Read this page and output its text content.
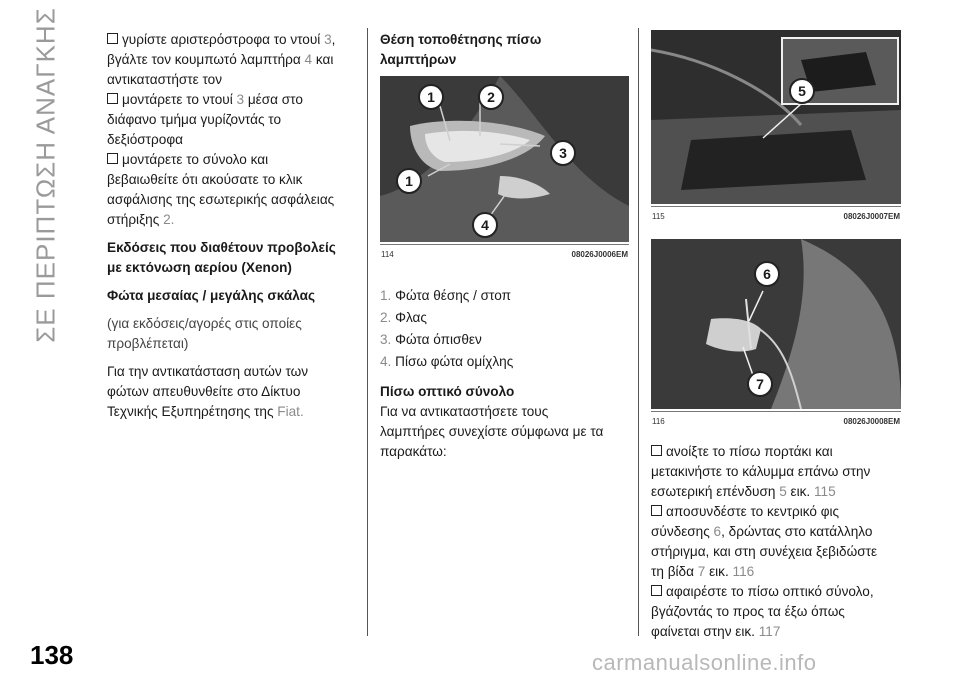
ΣΕ ΠΕΡΙΠΤΩΣΗ ΑΝΑΓΚΗΣ
138

γυρίστε αριστερόστροφα το ντουί 3,

βγάλτε τον κουμπωτό λαμπτήρα 4 και

αντικαταστήστε τον

μοντάρετε το ντουί 3 μέσα στο

διάφανο τμήμα γυρίζοντάς το

δεξιόστροφα

μοντάρετε το σύνολο και

βεβαιωθείτε ότι ακούσατε το κλικ

ασφάλισης της εσωτερικής ασφάλειας

στήριξης 2.

Εκδόσεις που διαθέτουν προβολείς

με εκτόνωση αερίου (Xenon)

Φώτα μεσαίας / μεγάλης σκάλας

(για εκδόσεις/αγορές στις οποίες

προβλέπεται)

Για την αντικατάσταση αυτών των

φώτων απευθυνθείτε στο Δίκτυο

Τεχνικής Εξυπηρέτησης της Fiat.

Θέση τοποθέτησης πίσω

λαμπτήρων

1	2
3
1
4
114	08026J0006EM

1. Φώτα θέσης / στοπ

2. Φλας

3. Φώτα όπισθεν

4. Πίσω φώτα ομίχλης

Πίσω οπτικό σύνολο

Για να αντικαταστήσετε τους

λαμπτήρες συνεχίστε σύμφωνα με τα

παρακάτω:

5
115	08026J0007EM
6
7
116	08026J0008EM

ανοίξτε το πίσω πορτάκι και

μετακινήστε το κάλυμμα επάνω στην

εσωτερική επένδυση 5 εικ. 115

αποσυνδέστε το κεντρικό φις

σύνδεσης 6, δρώντας στο κατάλληλο

στήριγμα, και στη συνέχεια ξεβιδώστε

τη βίδα 7 εικ. 116

αφαιρέστε το πίσω οπτικό σύνολο,

βγάζοντάς το προς τα έξω όπως

φαίνεται στην εικ. 117

carmanualsonline.info
